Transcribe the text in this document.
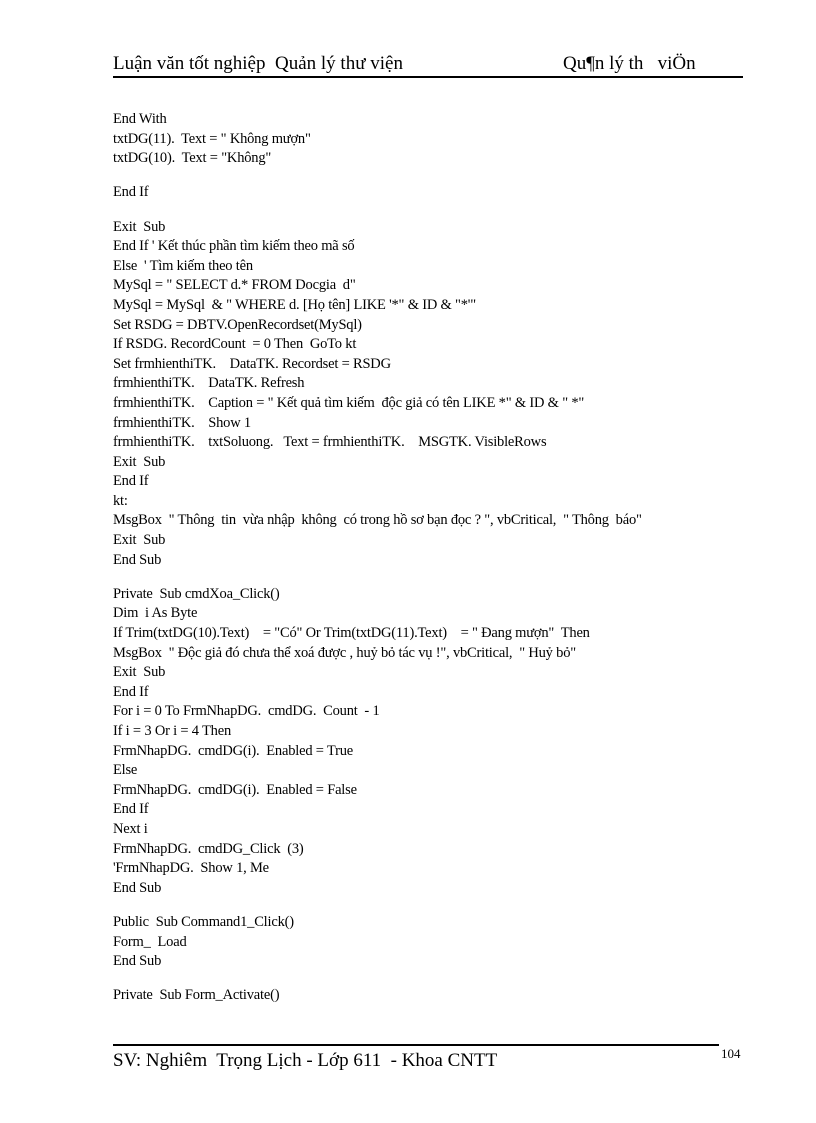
Luận văn tốt nghiệp  Quản lý thư viện	Qu¶n lý th   viÖn
End With
txtDG(11).  Text = " Không mượn"
txtDG(10).  Text = "Không"
End If
Exit  Sub
End If ' Kết thúc phần tìm kiếm theo mã số
Else  ' Tìm kiếm theo tên
MySql = " SELECT d.* FROM Docgia  d"
MySql = MySql  & " WHERE d. [Họ tên] LIKE '*" & ID & "*'"
Set RSDG = DBTV.OpenRecordset(MySql)
If RSDG. RecordCount  = 0 Then  GoTo kt
Set frmhienthiTK.    DataTK. Recordset = RSDG
frmhienthiTK.    DataTK. Refresh
frmhienthiTK.    Caption = " Kết quả tìm kiếm  độc giả có tên LIKE *" & ID & " *"
frmhienthiTK.    Show 1
frmhienthiTK.    txtSoluong.   Text = frmhienthiTK.    MSGTK. VisibleRows
Exit  Sub
End If
kt:
MsgBox  " Thông  tin  vừa nhập  không  có trong hồ sơ bạn đọc ? ", vbCritical,  " Thông  báo"
Exit  Sub
End Sub
Private  Sub cmdXoa_Click()
Dim  i As Byte
If Trim(txtDG(10).Text)    = "Có" Or Trim(txtDG(11).Text)    = " Đang mượn"  Then
MsgBox  " Độc giả đó chưa thể xoá được , huỷ bỏ tác vụ !", vbCritical,  " Huỷ bỏ"
Exit  Sub
End If
For i = 0 To FrmNhapDG.  cmdDG.  Count  - 1
If i = 3 Or i = 4 Then
FrmNhapDG.  cmdDG(i).  Enabled = True
Else
FrmNhapDG.  cmdDG(i).  Enabled = False
End If
Next i
FrmNhapDG.  cmdDG_Click  (3)
'FrmNhapDG.  Show 1, Me
End Sub
Public  Sub Command1_Click()
Form_  Load
End Sub
Private  Sub Form_Activate()
SV: Nghiêm  Trọng Lịch - Lớp 611  - Khoa CNTT	104
